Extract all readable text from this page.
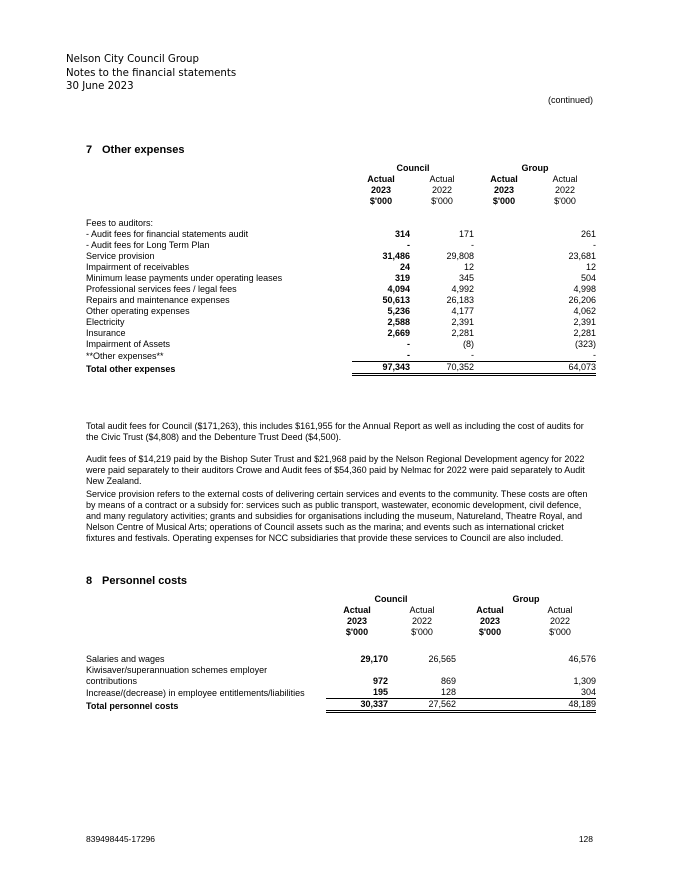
Nelson City Council Group
Notes to the financial statements
30 June 2023
(continued)
7 Other expenses
	Council		Group	
	Actual	Actual	Actual	Actual
	2023	2022	2023	2022
	$'000	$'000	$'000	$'000

Fees to auditors:				
- Audit fees for financial statements audit	314	171		261
- Audit fees for Long Term Plan	-	-		-
Service provision	31,486	29,808		23,681
Impairment of receivables	24	12		12
Minimum lease payments under operating leases	319	345		504
Professional services fees / legal fees	4,094	4,992		4,998
Repairs and maintenance expenses	50,613	26,183		26,206
Other operating expenses	5,236	4,177		4,062
Electricity	2,588	2,391		2,391
Insurance	2,669	2,281		2,281
Impairment of Assets	-	(8)		(323)
**Other expenses**	-	-		-
Total other expenses	97,343	70,352		64,073

Total audit fees for Council ($171,263), this includes $161,955 for the Annual Report as well as including the cost of audits for the Civic Trust ($4,808) and the Debenture Trust Deed ($4,500).

Audit fees of $14,219 paid by the Bishop Suter Trust and $21,968 paid by the Nelson Regional Development agency for 2022 were paid separately to their auditors Crowe and Audit fees of $54,360 paid by Nelmac for 2022 were paid separately to Audit New Zealand.

Service provision refers to the external costs of delivering certain services and events to the community. These costs are often by means of a contract or a subsidy for: services such as public transport, wastewater, economic development, civil defence, and many regulatory activities; grants and subsidies for organisations including the museum, Natureland, Theatre Royal, and Nelson Centre of Musical Arts; operations of Council assets such as the marina; and events such as international cricket fixtures and festivals. Operating expenses for NCC subsidiaries that provide these services to Council are also included.

8 Personnel costs
	Council		Group	
	Actual	Actual	Actual	Actual
	2023	2022	2023	2022
	$'000	$'000	$'000	$'000

Salaries and wages	29,170	26,565		46,576
Kiwisaver/superannuation schemes employer				
contributions	972	869		1,309
Increase/(decrease) in employee entitlements/liabilities	195	128		304
Total personnel costs	30,337	27,562		48,189
839498445-17296	128
